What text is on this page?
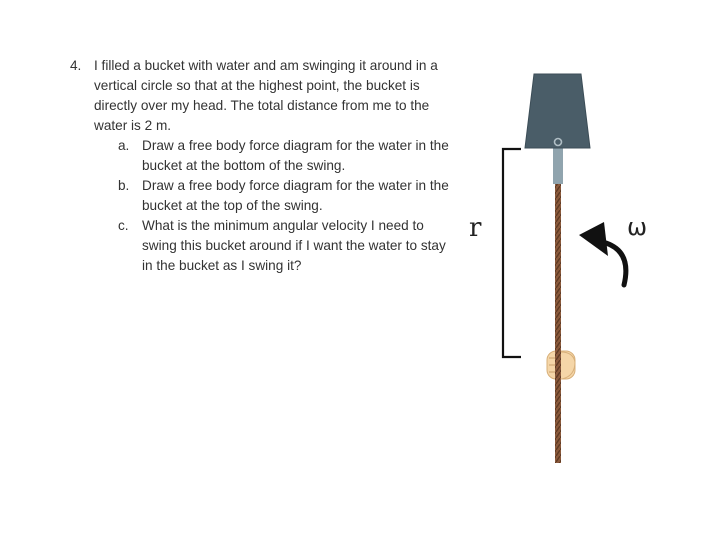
4. I filled a bucket with water and am swinging it around in a vertical circle so that at the highest point, the bucket is directly over my head. The total distance from me to the water is 2 m.
a. Draw a free body force diagram for the water in the bucket at the bottom of the swing.
b. Draw a free body force diagram for the water in the bucket at the top of the swing.
c. What is the minimum angular velocity I need to swing this bucket around if I want the water to stay in the bucket as I swing it?
r	ω
